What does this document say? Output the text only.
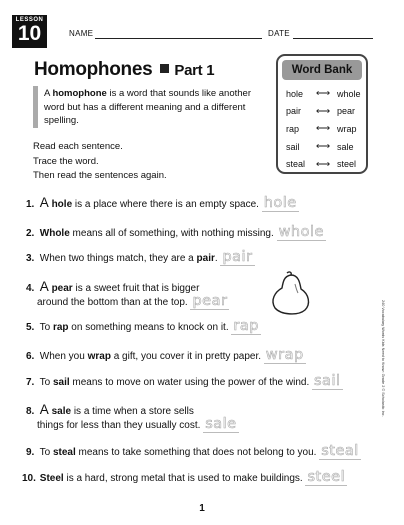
LESSON
10	NAME	DATE
Homophones Part 1
A homophone is a word that sounds like another word but has a different meaning and a different spelling.
Read each sentence.
Trace the word.
Then read the sentences again.
Word Bank
hole	⟷ whole
pair	⟷ pear
rap	⟷ wrap
sail	⟷ sale
steal	⟷ steel
1. A hole is a place where there is an empty space. hole
2. Whole means all of something, with nothing missing. whole
3. When two things match, they are a pair. pair
4. A pear is a sweet fruit that is bigger
around the bottom than at the top. pear
5. To rap on something means to knock on it. rap
6. When you wrap a gift, you cover it in pretty paper. wrap
7. To sail means to move on water using the power of the wind. sail
8. A sale is a time when a store sells
things for less than they usually cost. sale
9. To steal means to take something that does not belong to you. steal
10. Steel is a hard, strong metal that is used to make buildings. steel
240 Vocabulary Words Kids Need to Know: Grade 2 © Scholastic Inc.
1
